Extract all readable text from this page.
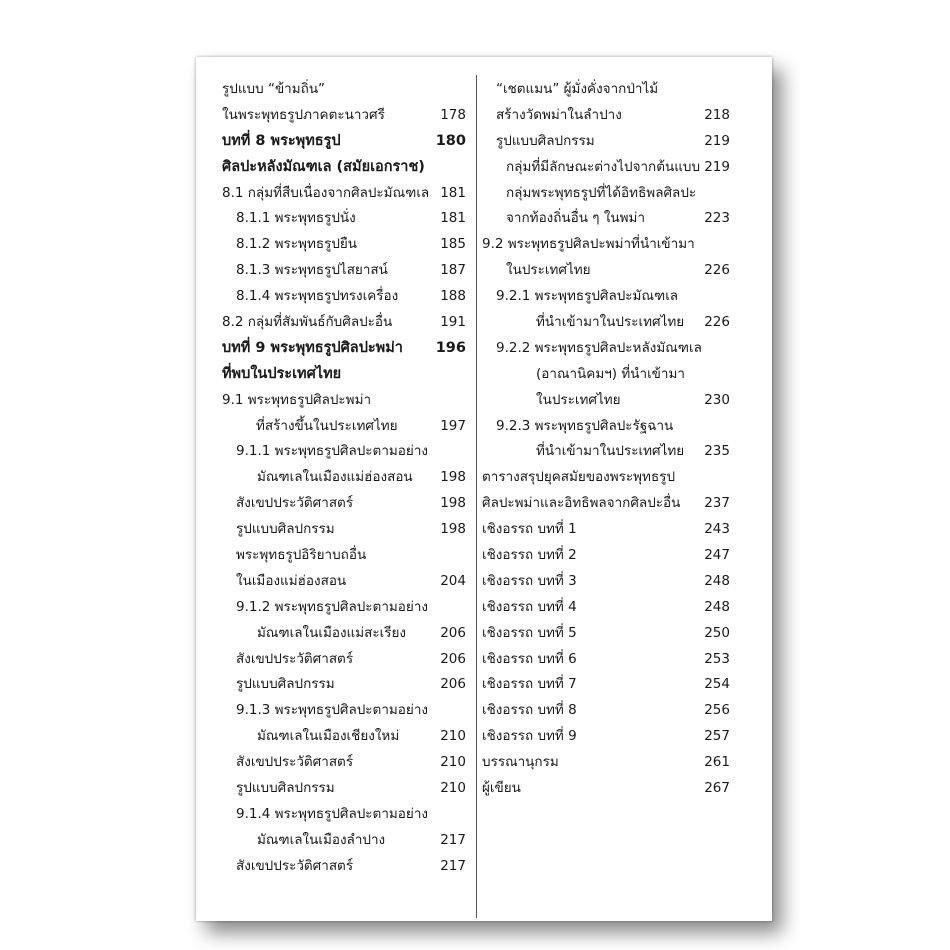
รูปแบบ “ข้ามถิ่น”
ในพระพุทธรูปภาคตะนาวศรี	178
บทที่ 8 พระพุทธรูป	180
ศิลปะหลังมัณฑเล (สมัยเอกราช)
8.1 กลุ่มที่สืบเนื่องจากศิลปะมัณฑเล 181
8.1.1 พระพุทธรูปนั่ง	181
8.1.2 พระพุทธรูปยืน	185
8.1.3 พระพุทธรูปไสยาสน์	187
8.1.4 พระพุทธรูปทรงเครื่อง	188
8.2 กลุ่มที่สัมพันธ์กับศิลปะอื่น	191
บทที่ 9 พระพุทธรูปศิลปะพม่า 196
ที่พบในประเทศไทย
9.1 พระพุทธรูปศิลปะพม่า
ที่สร้างขึ้นในประเทศไทย	197
9.1.1 พระพุทธรูปศิลปะตามอย่าง
มัณฑเลในเมืองแม่ฮ่องสอน 198
สังเขปประวัติศาสตร์	198
รูปแบบศิลปกรรม	198
พระพุทธรูปอิริยาบถอื่น
ในเมืองแม่ฮ่องสอน	204
9.1.2 พระพุทธรูปศิลปะตามอย่าง
มัณฑเลในเมืองแม่สะเรียง	206
สังเขปประวัติศาสตร์	206
รูปแบบศิลปกรรม	206
9.1.3 พระพุทธรูปศิลปะตามอย่าง
มัณฑเลในเมืองเชียงใหม่	210
สังเขปประวัติศาสตร์	210
รูปแบบศิลปกรรม	210
9.1.4 พระพุทธรูปศิลปะตามอย่าง
มัณฑเลในเมืองลำปาง	217
สังเขปประวัติศาสตร์	217
“เชตแมน” ผู้มั่งคั่งจากป่าไม้
สร้างวัดพม่าในลำปาง	218
รูปแบบศิลปกรรม	219
กลุ่มที่มีลักษณะต่างไปจากต้นแบบ 219
กลุ่มพระพุทธรูปที่ได้อิทธิพลศิลปะ
จากท้องถิ่นอื่น ๆ ในพม่า	223
9.2 พระพุทธรูปศิลปะพม่าที่นำเข้ามา
ในประเทศไทย	226
9.2.1 พระพุทธรูปศิลปะมัณฑเล
ที่นำเข้ามาในประเทศไทย 226
9.2.2 พระพุทธรูปศิลปะหลังมัณฑเล
(อาณานิคมฯ) ที่นำเข้ามา
ในประเทศไทย	230
9.2.3 พระพุทธรูปศิลปะรัฐฉาน
ที่นำเข้ามาในประเทศไทย 235
ตารางสรุปยุคสมัยของพระพุทธรูป
ศิลปะพม่าและอิทธิพลจากศิลปะอื่น 237
เชิงอรรถ บทที่ 1	243
เชิงอรรถ บทที่ 2	247
เชิงอรรถ บทที่ 3	248
เชิงอรรถ บทที่ 4	248
เชิงอรรถ บทที่ 5	250
เชิงอรรถ บทที่ 6	253
เชิงอรรถ บทที่ 7	254
เชิงอรรถ บทที่ 8	256
เชิงอรรถ บทที่ 9	257
บรรณานุกรม	261
ผู้เขียน	267
